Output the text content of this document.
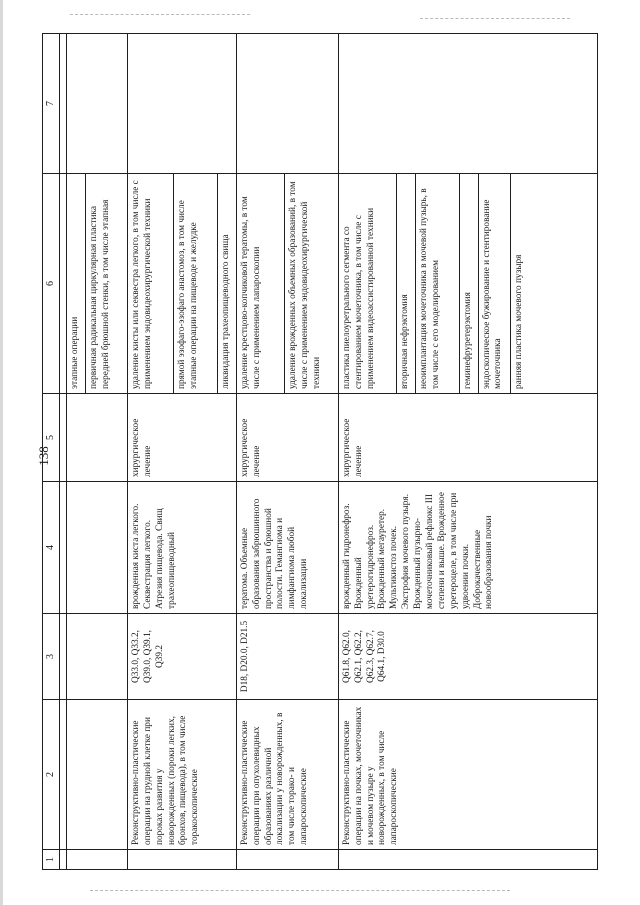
138
1	2	3	4	5	6	7

					этапные операции	
					первичная радикальная циркулярная пластика передней брюшной стенки, в том числе этапная	
	Реконструктивно-пластические операции на грудной клетке при пороках развития у новорожденных (пороки легких, бронхов, пищевода), в том числе торакоскопические	Q33.0, Q33.2, Q39.0, Q39.1, Q39.2	врожденная киста легкого. Секвестрация легкого. Атрезия пищевода. Свищ трахеопищеводный	хирургическое лечение	удаление кисты или секвестра легкого, в том числе с применением эндовидеохирургической техники	
					прямой эзофаго-эзофаго анастомоз, в том числе этапные операции на пищеводе и желудке	
					ликвидация трахеопищеводного свища	
	Реконструктивно-пластические операции при опухолевидных образованиях различной локализации у новорожденных, в том числе торако- и лапароскопические	D18, D20.0, D21.5	тератома. Объемные образования забрюшинного пространства и брюшной полости. Гемангиома и лимфангиома любой локализации	хирургическое лечение	удаление крестцово-копчиковой тератомы, в том числе с применением лапароскопии	
					удаление врожденных объемных образований, в том числе с применением эндовидеохирургической техники	
	Реконструктивно-пластические операции на почках, мочеточниках и мочевом пузыре у новорожденных, в том числе лапароскопические	Q61.8, Q62.0, Q62.1, Q62.2, Q62.3, Q62.7, Q64.1, D30.0	врожденный гидронефроз. Врожденный уретерогидронефроз. Врожденный мегауретер. Мультикистоз почек. Экстрофия мочевого пузыря. Врожденный пузырно-мочеточниковый рефлюкс III степени и выше. Врожденное уретероцеле, в том числе при удвоении почки. Доброкачественные новообразования почки	хирургическое лечение	пластика пиелоуретрального сегмента со стентированием мочеточника, в том числе с применением видеоассистированной техники	
					вторичная нефрэктомия	
					неоимплантация мочеточника в мочевой пузырь, в том числе с его моделированием	
					геминефруретерэктомия	
					эндоскопическое бужирование и стентирование мочеточника	
					ранняя пластика мочевого пузыря	
